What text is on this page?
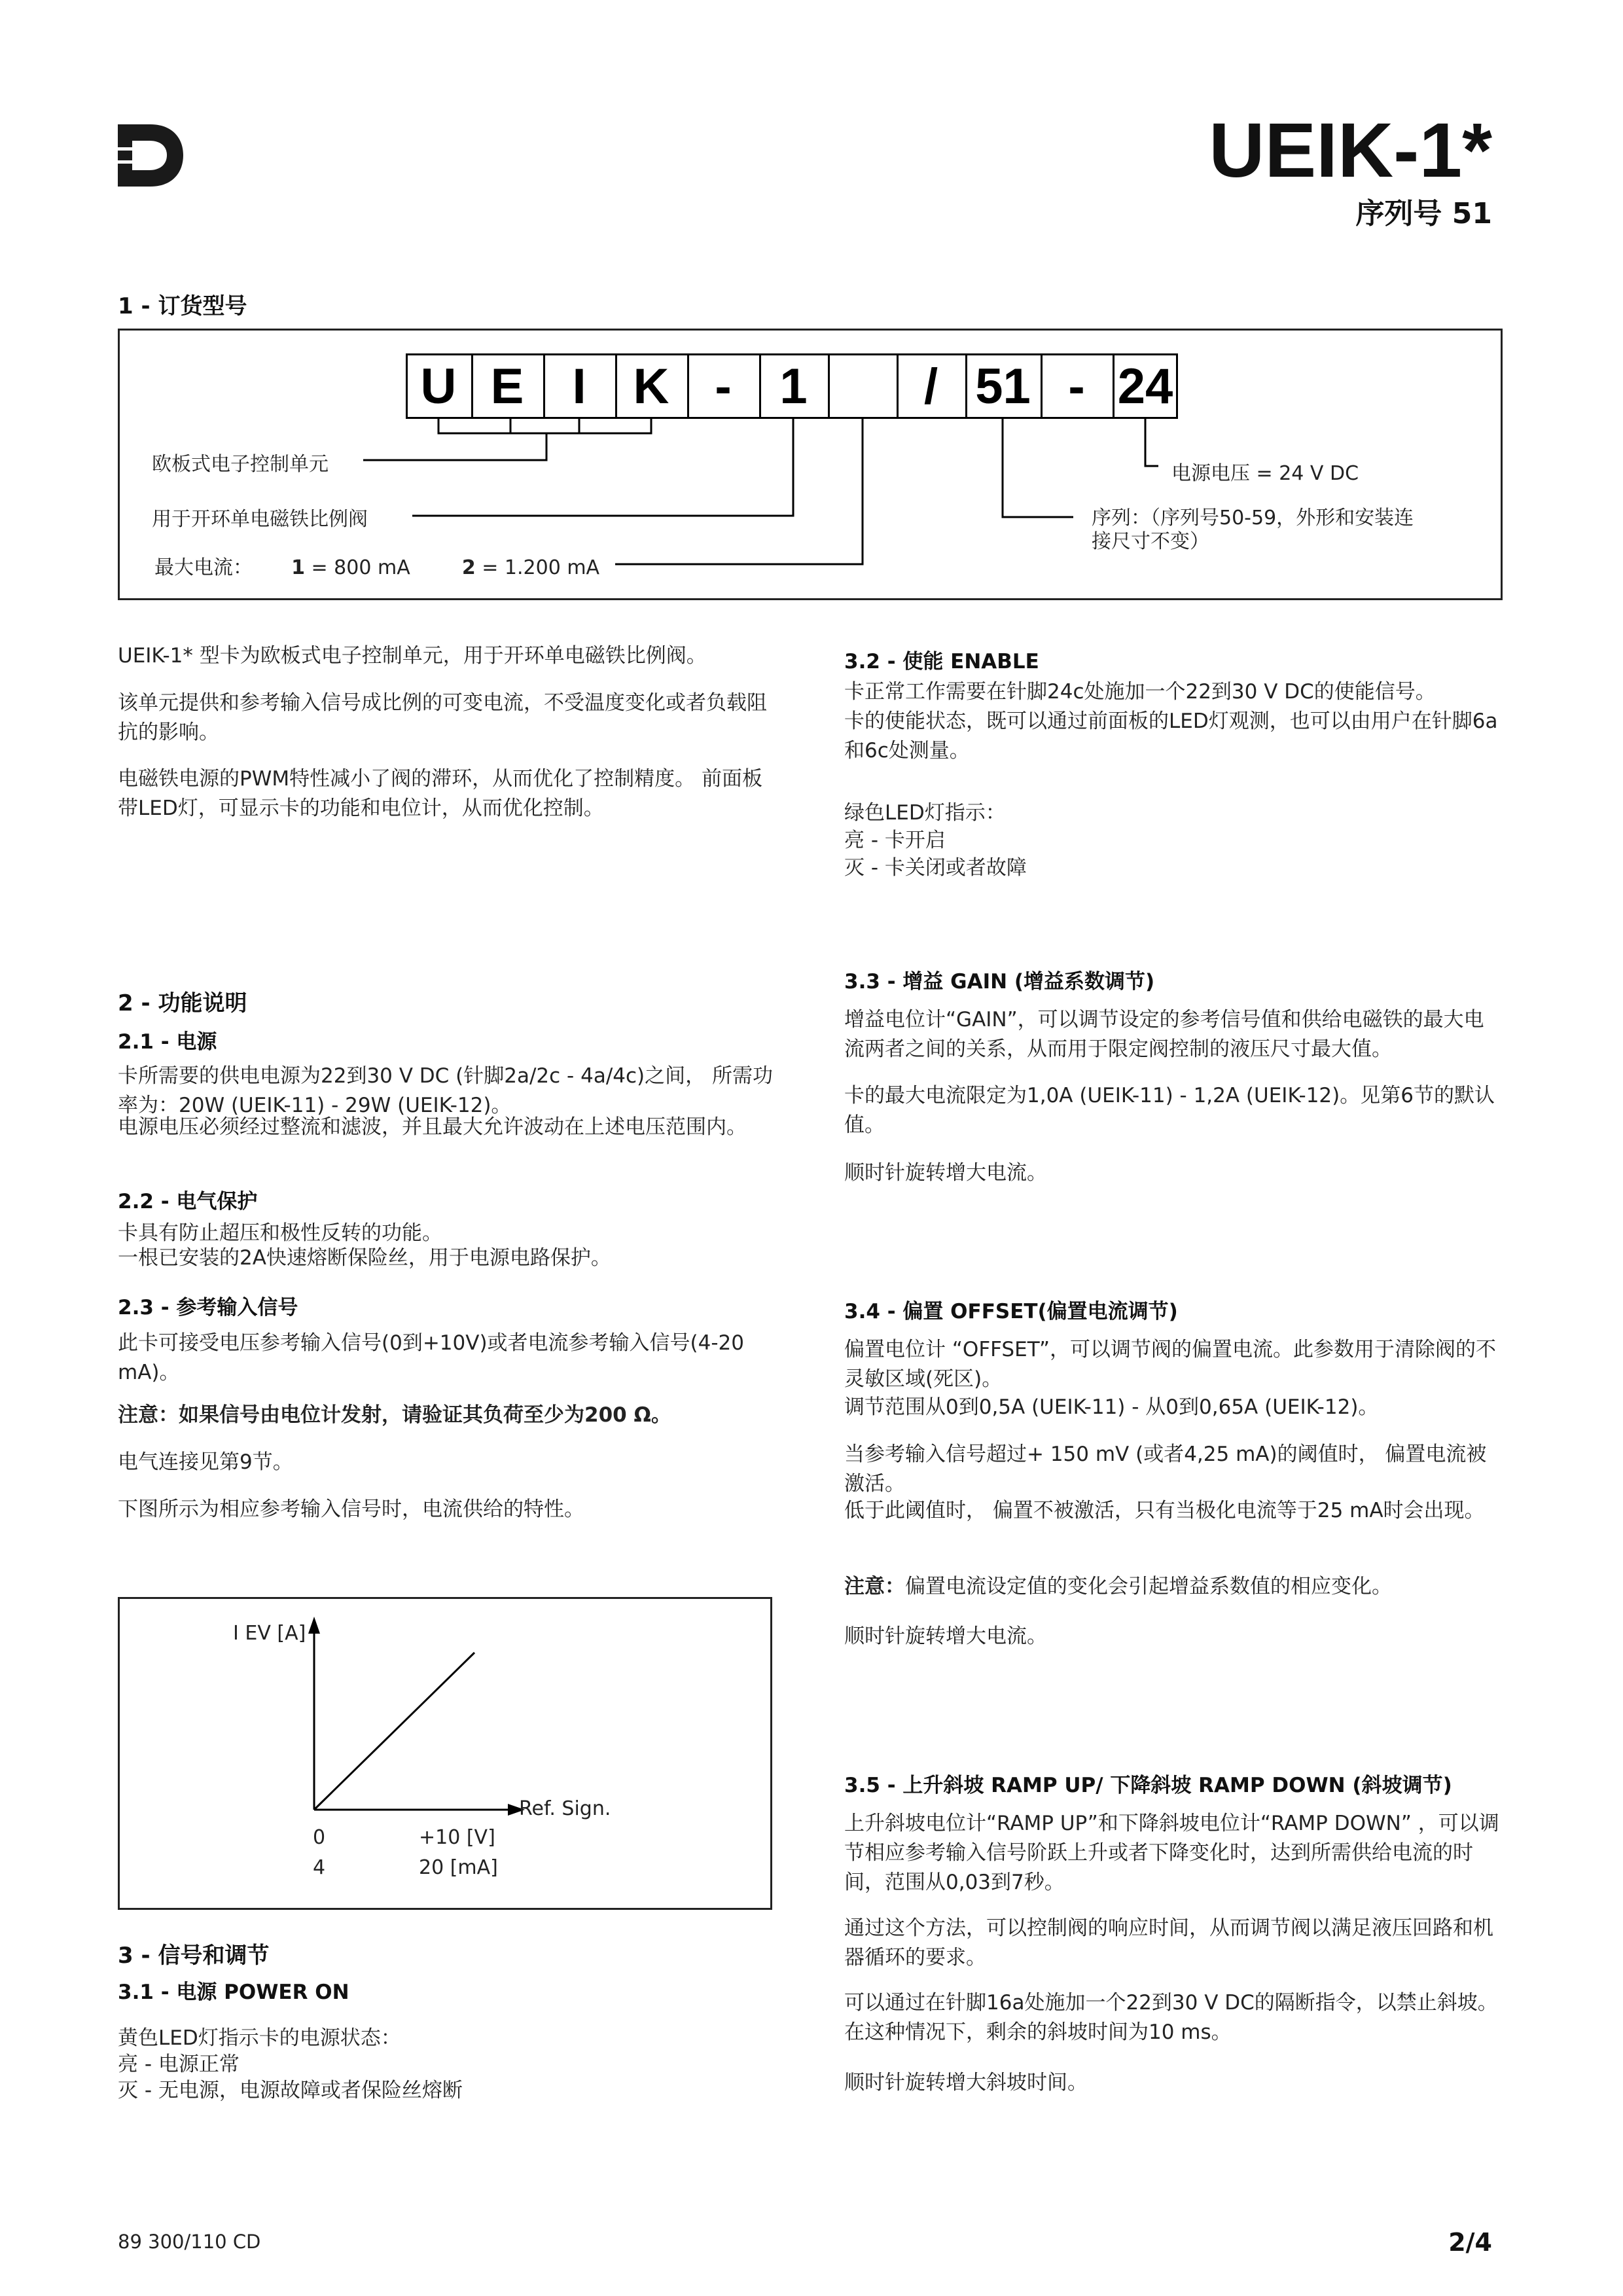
UEIK-1*
序列号 51
1 - 订货型号
U E I K - 1	/ 51 - 24
欧板式电子控制单元
用于开环单电磁铁比例阀
最大电流： 1 = 800 mA	2 = 1.200 mA
电源电压 = 24 V DC
序列：（序列号50-59，外形和安装连
接尺寸不变）

UEIK-1* 型卡为欧板式电子控制单元，用于开环单电磁铁比例阀。

该单元提供和参考输入信号成比例的可变电流，不受温度变化或者负载阻抗的影响。

电磁铁电源的PWM特性减小了阀的滞环，从而优化了控制精度。 前面板带LED灯，可显示卡的功能和电位计，从而优化控制。

2 - 功能说明
2.1 - 电源

卡所需要的供电电源为22到30 V DC (针脚2a/2c - 4a/4c)之间， 所需功率为：20W (UEIK-11) - 29W (UEIK-12)。

电源电压必须经过整流和滤波，并且最大允许波动在上述电压范围内。

2.2 - 电气保护

卡具有防止超压和极性反转的功能。

一根已安装的2A快速熔断保险丝，用于电源电路保护。

2.3 - 参考输入信号

此卡可接受电压参考输入信号(0到+10V)或者电流参考输入信号(4-20 mA)。

注意：如果信号由电位计发射，请验证其负荷至少为200 Ω。

电气连接见第9节。

下图所示为相应参考输入信号时，电流供给的特性。

I EV [A]
Ref. Sign.
0	+10 [V]
4	20 [mA]
3 - 信号和调节
3.1 - 电源 POWER ON

黄色LED灯指示卡的电源状态：

亮 - 电源正常

灭 - 无电源，电源故障或者保险丝熔断

3.2 - 使能 ENABLE

卡正常工作需要在针脚24c处施加一个22到30 V DC的使能信号。

卡的使能状态，既可以通过前面板的LED灯观测，也可以由用户在针脚6a和6c处测量。

绿色LED灯指示：

亮 - 卡开启

灭 - 卡关闭或者故障

3.3 - 增益 GAIN (增益系数调节)

增益电位计“GAIN”，可以调节设定的参考信号值和供给电磁铁的最大电流两者之间的关系，从而用于限定阀控制的液压尺寸最大值。

卡的最大电流限定为1,0A (UEIK-11) - 1,2A (UEIK-12)。见第6节的默认值。

顺时针旋转增大电流。

3.4 - 偏置 OFFSET(偏置电流调节)

偏置电位计 “OFFSET”，可以调节阀的偏置电流。此参数用于清除阀的不灵敏区域(死区)。

调节范围从0到0,5A (UEIK-11) - 从0到0,65A (UEIK-12)。

当参考输入信号超过+ 150 mV (或者4,25 mA)的阈值时， 偏置电流被激活。

低于此阈值时， 偏置不被激活，只有当极化电流等于25 mA时会出现。

注意：偏置电流设定值的变化会引起增益系数值的相应变化。

顺时针旋转增大电流。

3.5 - 上升斜坡 RAMP UP/ 下降斜坡 RAMP DOWN (斜坡调节)

上升斜坡电位计“RAMP UP”和下降斜坡电位计“RAMP DOWN” ，可以调节相应参考输入信号阶跃上升或者下降变化时，达到所需供给电流的时间，范围从0,03到7秒。

通过这个方法，可以控制阀的响应时间，从而调节阀以满足液压回路和机器循环的要求。

可以通过在针脚16a处施加一个22到30 V DC的隔断指令，以禁止斜坡。在这种情况下，剩余的斜坡时间为10 ms。

顺时针旋转增大斜坡时间。

89 300/110 CD	2/4
